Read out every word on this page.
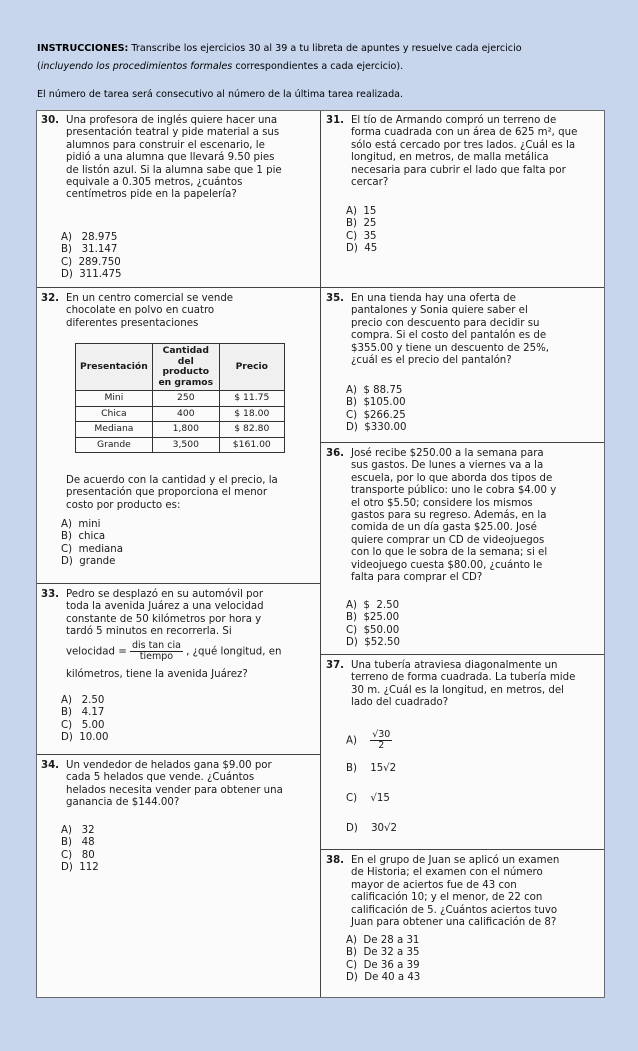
INSTRUCCIONES: Transcribe los ejercicios 30 al 39 a tu libreta de apuntes y resuelve cada ejercicio
(incluyendo los procedimientos formales correspondientes a cada ejercicio).

El número de tarea será consecutivo al número de la última tarea realizada.

30. Una profesora de inglés quiere hacer una presentación teatral y pide material a sus alumnos para construir el escenario, le pidió a una alumna que llevará 9.50 pies de listón azul. Si la alumna sabe que 1 pie equivale a 0.305 metros, ¿cuántos centímetros pide en la papelería?
A)   28.975
B)   31.147
C)  289.750
D)  311.475
31. El tío de Armando compró un terreno de forma cuadrada con un área de 625 m², que sólo está cercado por tres lados. ¿Cuál es la longitud, en metros, de malla metálica necesaria para cubrir el lado que falta por cercar?
A)  15
B)  25
C)  35
D)  45
32. En un centro comercial se vende chocolate en polvo en cuatro diferentes presentaciones
Presentación	Cantidad del producto en gramos	Precio
Mini	250	$ 11.75
Chica	400	$ 18.00
Mediana	1,800	$ 82.80
Grande	3,500	$161.00
De acuerdo con la cantidad y el precio, la presentación que proporciona el menor costo por producto es:
A)  mini
B)  chica
C)  mediana
D)  grande
33. Pedro se desplazó en su automóvil por toda la avenida Juárez a una velocidad constante de 50 kilómetros por hora y tardó 5 minutos en recorrerla. Si
velocidad = $\frac{\text{dis tan cia}}{\text{tiempo}}$ , ¿qué longitud, en
kilómetros, tiene la avenida Juárez?
A)   2.50
B)   4.17
C)   5.00
D)  10.00
34. Un vendedor de helados gana $9.00 por cada 5 helados que vende. ¿Cuántos helados necesita vender para obtener una ganancia de $144.00?
A)   32
B)   48
C)   80
D)  112
35. En una tienda hay una oferta de pantalones y Sonia quiere saber el precio con descuento para decidir su compra. Si el costo del pantalón es de $355.00 y tiene un descuento de 25%, ¿cuál es el precio del pantalón?
A)  $ 88.75
B)  $105.00
C)  $266.25
D)  $330.00
36. José recibe $250.00 a la semana para sus gastos. De lunes a viernes va a la escuela, por lo que aborda dos tipos de transporte público: uno le cobra $4.00 y el otro $5.50; considere los mismos gastos para su regreso. Además, en la comida de un día gasta $25.00. José quiere comprar un CD de videojuegos con lo que le sobra de la semana; si el videojuego cuesta $80.00, ¿cuánto le falta para comprar el CD?
A)  $  2.50
B)  $25.00
C)  $50.00
D)  $52.50
37. Una tubería atraviesa diagonalmente un terreno de forma cuadrada. La tubería mide 30 m. ¿Cuál es la longitud, en metros, del lado del cuadrado?
$A) \frac{√30}{2}$
B) 15√2
C) √15
D) 30√2
38. En el grupo de Juan se aplicó un examen de Historia; el examen con el número mayor de aciertos fue de 43 con calificación 10; y el menor, de 22 con calificación de 5. ¿Cuántos aciertos tuvo Juan para obtener una calificación de 8?
A)  De 28 a 31
B)  De 32 a 35
C)  De 36 a 39
D)  De 40 a 43
